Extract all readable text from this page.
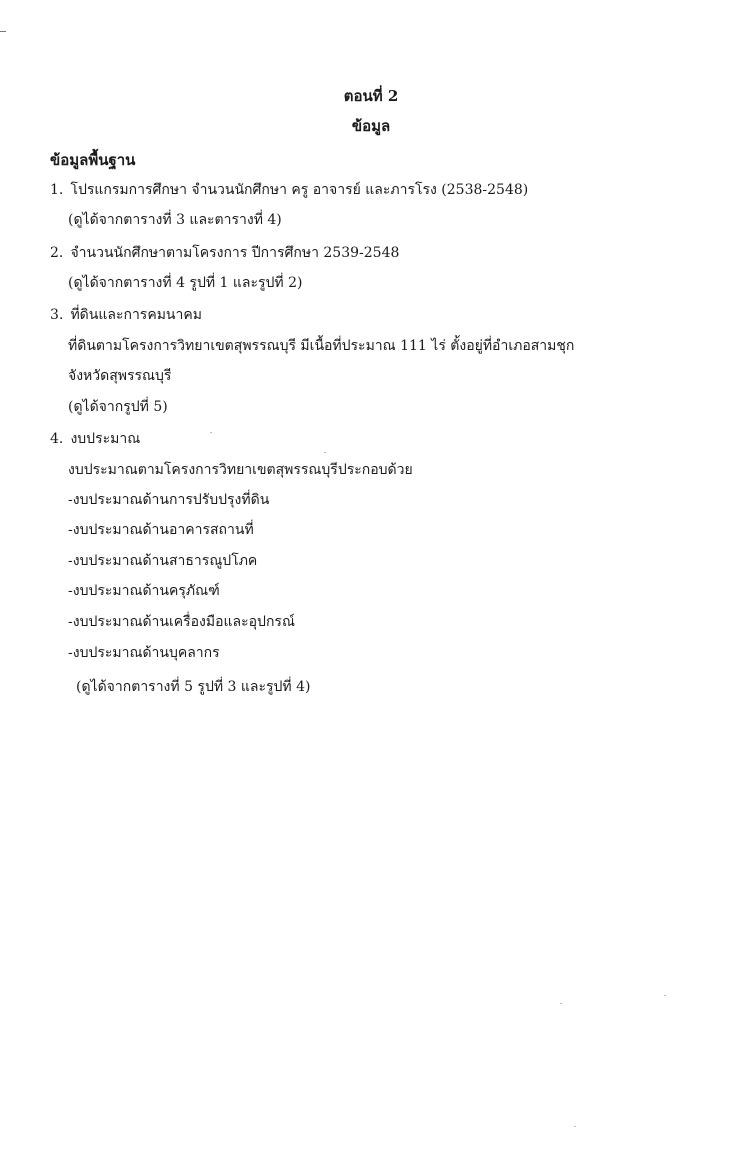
ตอนที่ 2
ข้อมูล
ข้อมูลพื้นฐาน
1. โปรแกรมการศึกษา จำนวนนักศึกษา ครู อาจารย์ และภารโรง (2538-2548)
(ดูได้จากตารางที่ 3 และตารางที่ 4)
2. จำนวนนักศึกษาตามโครงการ ปีการศึกษา 2539-2548
(ดูได้จากตารางที่ 4 รูปที่ 1 และรูปที่ 2)
3. ที่ดินและการคมนาคม
ที่ดินตามโครงการวิทยาเขตสุพรรณบุรี มีเนื้อที่ประมาณ 111 ไร่ ตั้งอยู่ที่อำเภอสามชุก
จังหวัดสุพรรณบุรี
(ดูได้จากรูปที่ 5)
4. งบประมาณ
งบประมาณตามโครงการวิทยาเขตสุพรรณบุรีประกอบด้วย
-งบประมาณด้านการปรับปรุงที่ดิน
-งบประมาณด้านอาคารสถานที่
-งบประมาณด้านสาธารณูปโภค
-งบประมาณด้านครุภัณฑ์
-งบประมาณด้านเครื่องมือและอุปกรณ์
-งบประมาณด้านบุคลากร
(ดูได้จากตารางที่ 5 รูปที่ 3 และรูปที่ 4)
